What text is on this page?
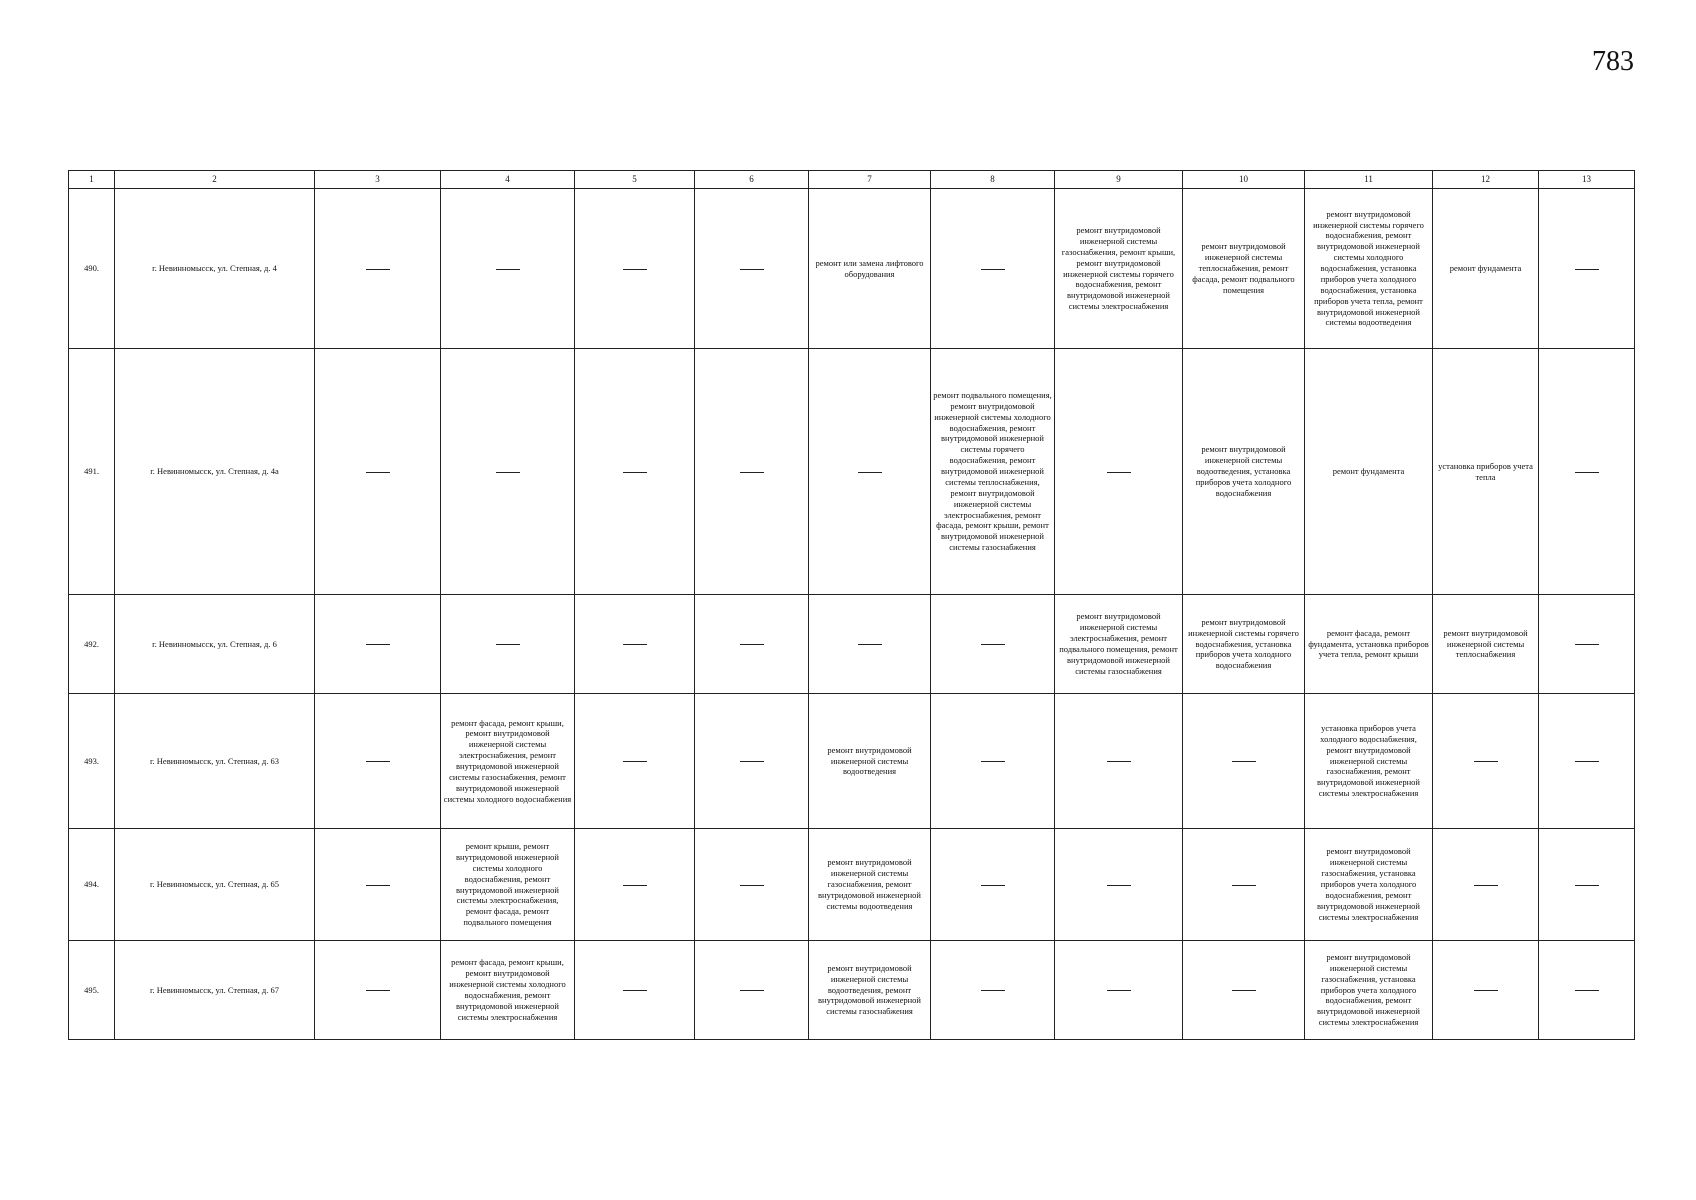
783
1	2	3	4	5	6	7	8	9	10	11	12	13
490.	г. Невинномысск, ул. Степная, д. 4					ремонт или замена лифтового оборудования		ремонт внутридомовой инженерной системы газоснабжения, ремонт крыши, ремонт внутридомовой инженерной системы горячего водоснабжения, ремонт внутридомовой инженерной системы электроснабжения	ремонт внутридомовой инженерной системы теплоснабжения, ремонт фасада, ремонт подвального помещения	ремонт внутридомовой инженерной системы горячего водоснабжения, ремонт внутридомовой инженерной системы холодного водоснабжения, установка приборов учета холодного водоснабжения, установка приборов учета тепла, ремонт внутридомовой инженерной системы водоотведения	ремонт фундамента	
491.	г. Невинномысск, ул. Степная, д. 4а						ремонт подвального помещения, ремонт внутридомовой инженерной системы холодного водоснабжения, ремонт внутридомовой инженерной системы горячего водоснабжения, ремонт внутридомовой инженерной системы теплоснабжения, ремонт внутридомовой инженерной системы электроснабжения, ремонт фасада, ремонт крыши, ремонт внутридомовой инженерной системы газоснабжения		ремонт внутридомовой инженерной системы водоотведения, установка приборов учета холодного водоснабжения	ремонт фундамента	установка приборов учета тепла	
492.	г. Невинномысск, ул. Степная, д. 6							ремонт внутридомовой инженерной системы электроснабжения, ремонт подвального помещения, ремонт внутридомовой инженерной системы газоснабжения	ремонт внутридомовой инженерной системы горячего водоснабжения, установка приборов учета холодного водоснабжения	ремонт фасада, ремонт фундамента, установка приборов учета тепла, ремонт крыши	ремонт внутридомовой инженерной системы теплоснабжения	
493.	г. Невинномысск, ул. Степная, д. 63		ремонт фасада, ремонт крыши, ремонт внутридомовой инженерной системы электроснабжения, ремонт внутридомовой инженерной системы газоснабжения, ремонт внутридомовой инженерной системы холодного водоснабжения			ремонт внутридомовой инженерной системы водоотведения				установка приборов учета холодного водоснабжения, ремонт внутридомовой инженерной системы газоснабжения, ремонт внутридомовой инженерной системы электроснабжения		
494.	г. Невинномысск, ул. Степная, д. 65		ремонт крыши, ремонт внутридомовой инженерной системы холодного водоснабжения, ремонт внутридомовой инженерной системы электроснабжения, ремонт фасада, ремонт подвального помещения			ремонт внутридомовой инженерной системы газоснабжения, ремонт внутридомовой инженерной системы водоотведения				ремонт внутридомовой инженерной системы газоснабжения, установка приборов учета холодного водоснабжения, ремонт внутридомовой инженерной системы электроснабжения		
495.	г. Невинномысск, ул. Степная, д. 67		ремонт фасада, ремонт крыши, ремонт внутридомовой инженерной системы холодного водоснабжения, ремонт внутридомовой инженерной системы электроснабжения			ремонт внутридомовой инженерной системы водоотведения, ремонт внутридомовой инженерной системы газоснабжения				ремонт внутридомовой инженерной системы газоснабжения, установка приборов учета холодного водоснабжения, ремонт внутридомовой инженерной системы электроснабжения		
